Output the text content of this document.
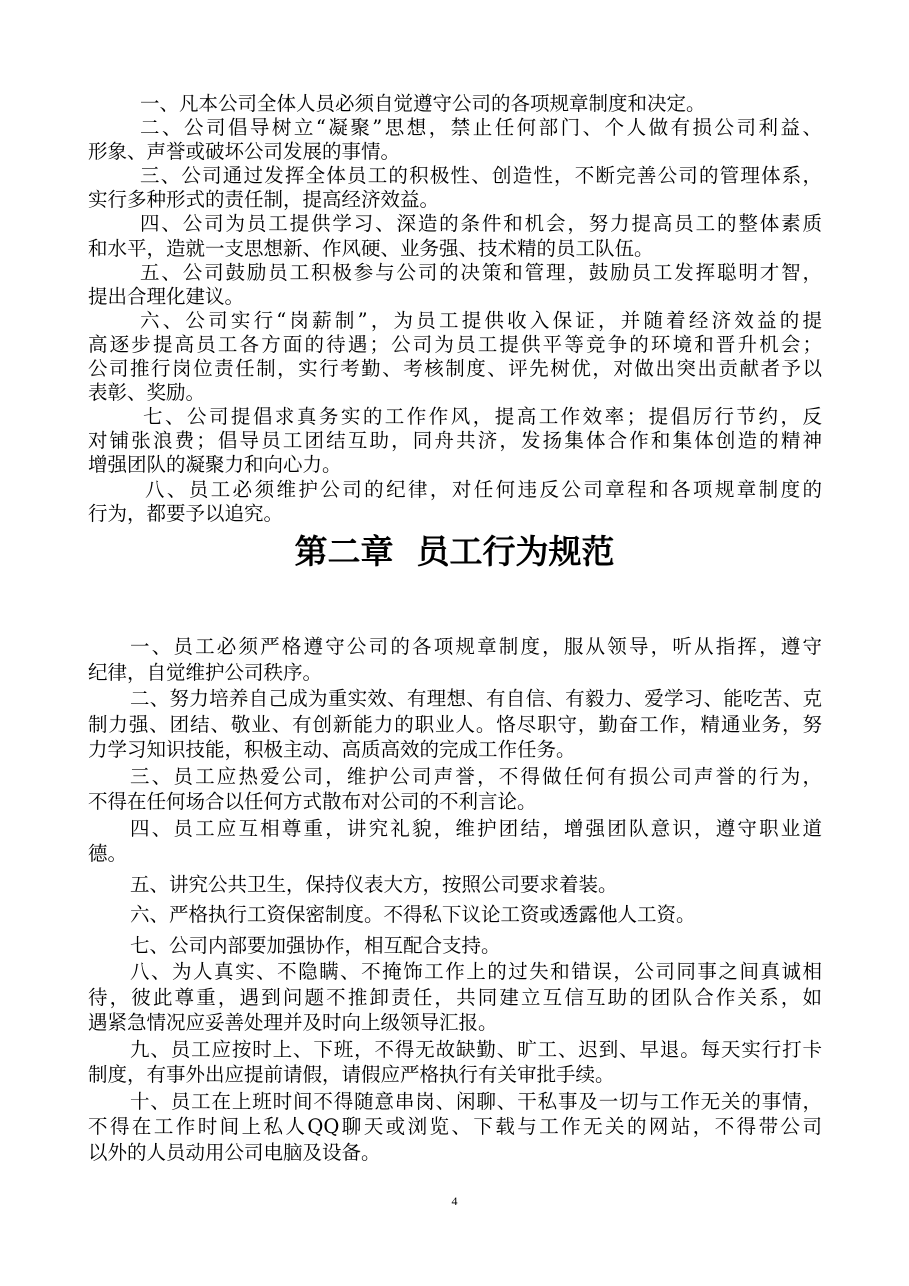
一、凡本公司全体人员必须自觉遵守公司的各项规章制度和决定。
二、公司倡导树立“凝聚”思想，禁止任何部门、个人做有损公司利益、
形象、声誉或破坏公司发展的事情。
三、公司通过发挥全体员工的积极性、创造性，不断完善公司的管理体系，
实行多种形式的责任制，提高经济效益。
四、公司为员工提供学习、深造的条件和机会，努力提高员工的整体素质
和水平，造就一支思想新、作风硬、业务强、技术精的员工队伍。
五、公司鼓励员工积极参与公司的决策和管理，鼓励员工发挥聪明才智，
提出合理化建议。
六、公司实行“岗薪制”，为员工提供收入保证，并随着经济效益的提
高逐步提高员工各方面的待遇；公司为员工提供平等竞争的环境和晋升机会；
公司推行岗位责任制，实行考勤、考核制度、评先树优，对做出突出贡献者予以
表彰、奖励。
七、公司提倡求真务实的工作作风，提高工作效率；提倡厉行节约，反
对铺张浪费；倡导员工团结互助，同舟共济，发扬集体合作和集体创造的精神
增强团队的凝聚力和向心力。
八、员工必须维护公司的纪律，对任何违反公司章程和各项规章制度的
行为，都要予以追究。
第二章  员工行为规范
一、员工必须严格遵守公司的各项规章制度，服从领导，听从指挥，遵守
纪律，自觉维护公司秩序。
二、努力培养自己成为重实效、有理想、有自信、有毅力、爱学习、能吃苦、克
制力强、团结、敬业、有创新能力的职业人。恪尽职守，勤奋工作，精通业务，努
力学习知识技能，积极主动、高质高效的完成工作任务。
三、员工应热爱公司，维护公司声誉，不得做任何有损公司声誉的行为，
不得在任何场合以任何方式散布对公司的不利言论。
四、员工应互相尊重，讲究礼貌，维护团结，增强团队意识，遵守职业道
德。
五、讲究公共卫生，保持仪表大方，按照公司要求着装。
六、严格执行工资保密制度。不得私下议论工资或透露他人工资。
七、公司内部要加强协作，相互配合支持。
八、为人真实、不隐瞒、不掩饰工作上的过失和错误，公司同事之间真诚相
待，彼此尊重，遇到问题不推卸责任，共同建立互信互助的团队合作关系，如
遇紧急情况应妥善处理并及时向上级领导汇报。
九、员工应按时上、下班，不得无故缺勤、旷工、迟到、早退。每天实行打卡
制度，有事外出应提前请假，请假应严格执行有关审批手续。
十、员工在上班时间不得随意串岗、闲聊、干私事及一切与工作无关的事情，
不得在工作时间上私人QQ聊天或浏览、下载与工作无关的网站，不得带公司
以外的人员动用公司电脑及设备。
4
